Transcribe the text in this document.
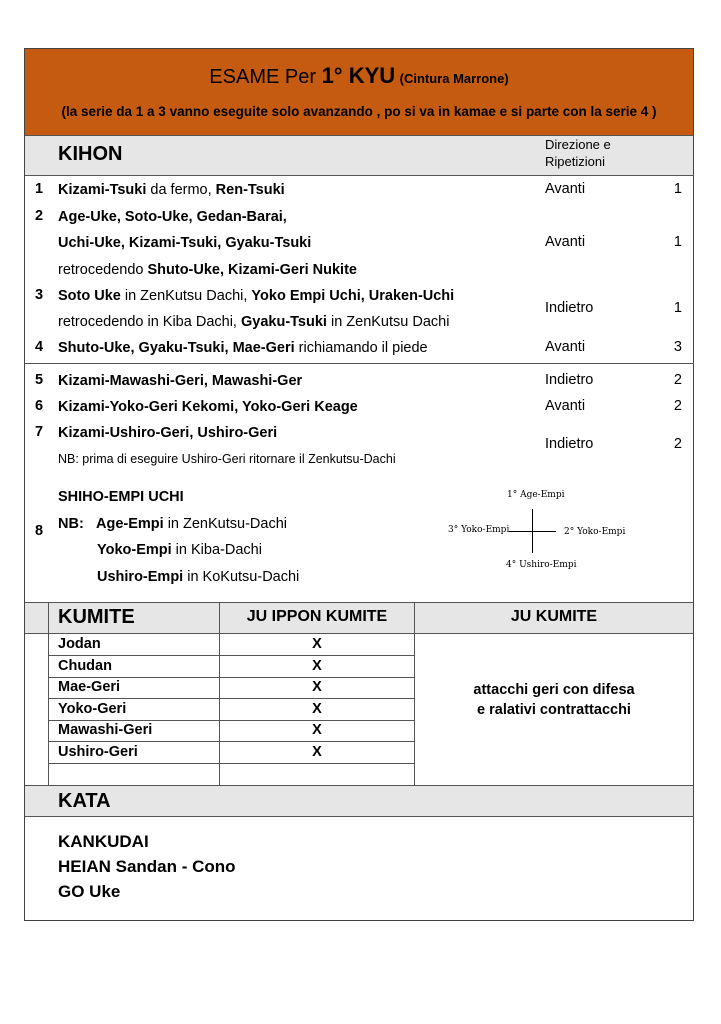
ESAME Per 1° KYU (Cintura Marrone)
(la serie da 1 a 3 vanno eseguite solo avanzando , po si va in kamae e si parte con la serie 4 )
KIHON	Direzione e
Ripetizioni
1 Kizami-Tsuki da fermo, Ren-Tsuki	Avanti	1
2 Age-Uke, Soto-Uke, Gedan-Barai,
Uchi-Uke, Kizami-Tsuki, Gyaku-Tsuki	Avanti	1
retrocedendo Shuto-Uke, Kizami-Geri Nukite
3 Soto Uke in ZenKutsu Dachi, Yoko Empi Uchi, Uraken-Uchi
retrocedendo in Kiba Dachi, Gyaku-Tsuki in ZenKutsu Dachi
Indietro	1
4 Shuto-Uke, Gyaku-Tsuki, Mae-Geri richiamando il piede	Avanti	3
5 Kizami-Mawashi-Geri, Mawashi-Ger	Indietro	2
6 Kizami-Yoko-Geri Kekomi, Yoko-Geri Keage	Avanti	2
7 Kizami-Ushiro-Geri, Ushiro-Geri
Indietro	2
NB: prima di eseguire Ushiro-Geri ritornare il Zenkutsu-Dachi
8
SHIHO-EMPI UCHI
NB: Age-Empi in ZenKutsu-Dachi
Yoko-Empi in Kiba-Dachi
Ushiro-Empi in KoKutsu-Dachi
1° Age-Empi
3° Yoko-Empi	2° Yoko-Empi
4° Ushiro-Empi
KUMITE	JU IPPON KUMITE	JU KUMITE
Jodan	X
Chudan	X
Mae-Geri	X
Yoko-Geri	X
Mawashi-Geri	X
Ushiro-Geri	X
attacchi geri con difesa
e ralativi contrattacchi
KATA
KANKUDAI
HEIAN Sandan - Cono
GO Uke
